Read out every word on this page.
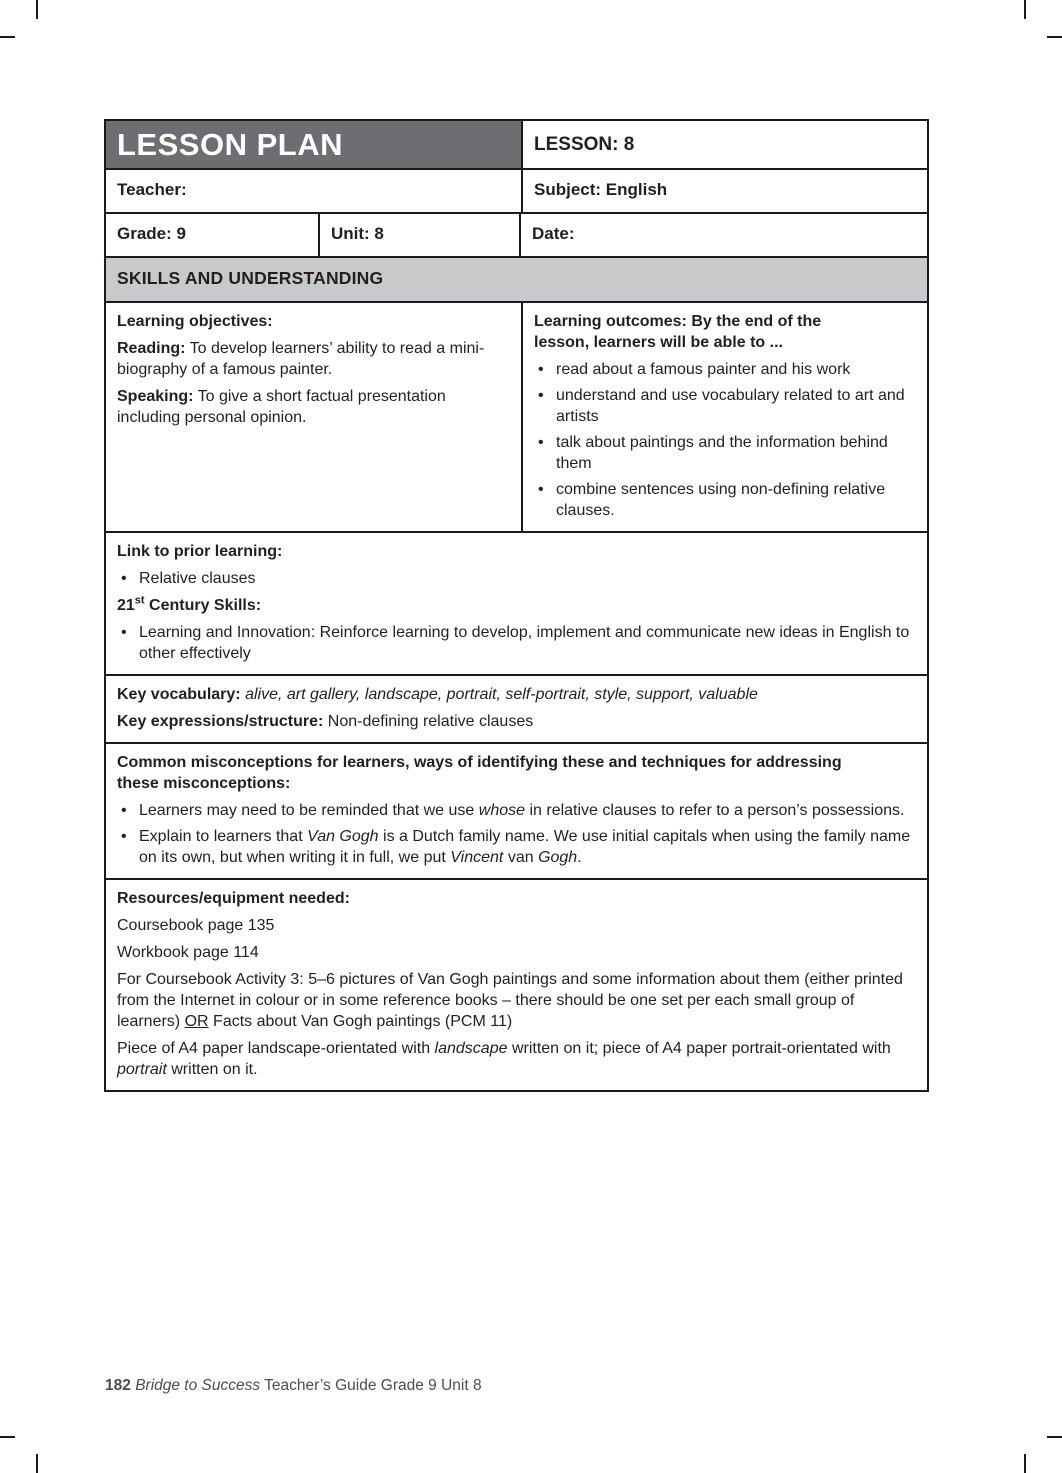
LESSON PLAN	LESSON: 8
Teacher:	Subject: English
Grade: 9	Unit: 8	Date:
SKILLS AND UNDERSTANDING

Learning objectives:

Reading: To develop learners’ ability to read a mini-biography of a famous painter.

Speaking: To give a short factual presentation including personal opinion.

Learning outcomes: By the end of the lesson, learners will be able to ...

• read about a famous painter and his work
• understand and use vocabulary related to art and artists
• talk about paintings and the information behind them
• combine sentences using non-defining relative clauses.

Link to prior learning:

• Relative clauses

21st Century Skills:

• Learning and Innovation: Reinforce learning to develop, implement and communicate new ideas in English to other effectively

Key vocabulary: alive, art gallery, landscape, portrait, self-portrait, style, support, valuable

Key expressions/structure: Non-defining relative clauses

Common misconceptions for learners, ways of identifying these and techniques for addressing these misconceptions:

• Learners may need to be reminded that we use whose in relative clauses to refer to a person’s possessions.
• Explain to learners that Van Gogh is a Dutch family name. We use initial capitals when using the family name on its own, but when writing it in full, we put Vincent van Gogh.

Resources/equipment needed:

Coursebook page 135

Workbook page 114

For Coursebook Activity 3: 5–6 pictures of Van Gogh paintings and some information about them (either printed from the Internet in colour or in some reference books – there should be one set per each small group of learners) OR Facts about Van Gogh paintings (PCM 11)

Piece of A4 paper landscape-orientated with landscape written on it; piece of A4 paper portrait-orientated with portrait written on it.

182 Bridge to Success Teacher’s Guide Grade 9 Unit 8
